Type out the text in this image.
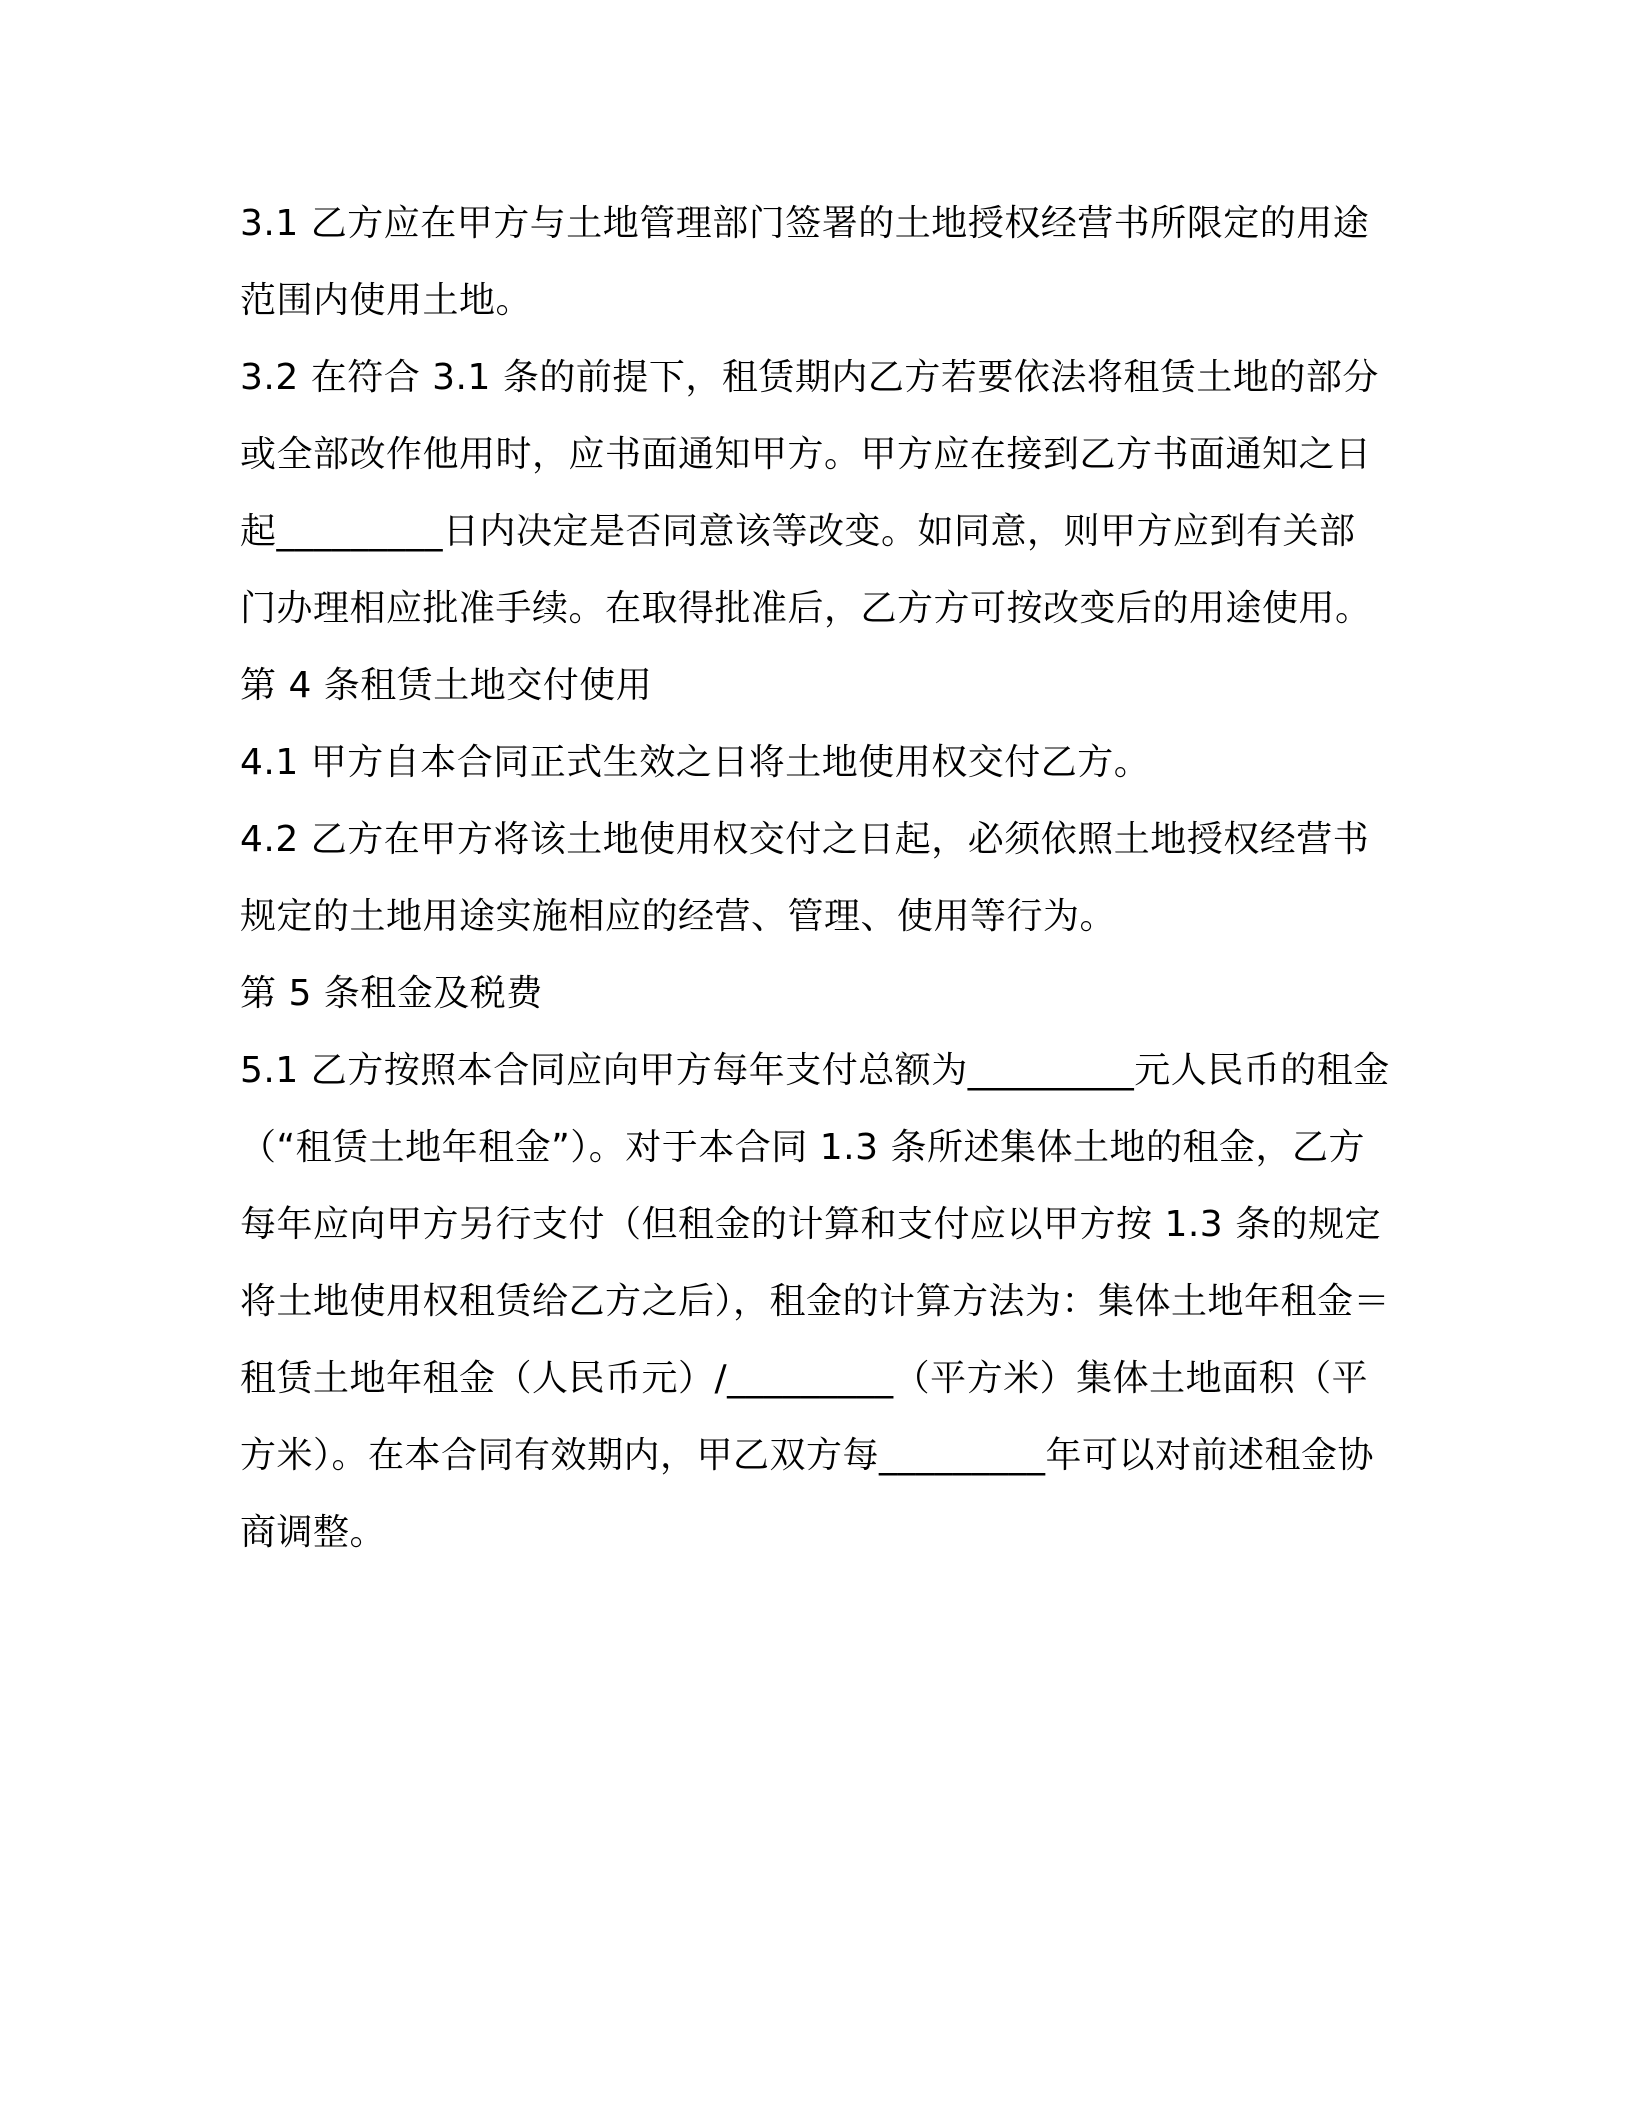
3.1 乙方应在甲方与土地管理部门签署的土地授权经营书所限定的用途范围内使用土地。

3.2 在符合 3.1 条的前提下，租赁期内乙方若要依法将租赁土地的部分或全部改作他用时，应书面通知甲方。甲方应在接到乙方书面通知之日起_________日内决定是否同意该等改变。如同意，则甲方应到有关部门办理相应批准手续。在取得批准后，乙方方可按改变后的用途使用。

第 4 条租赁土地交付使用

4.1 甲方自本合同正式生效之日将土地使用权交付乙方。

4.2 乙方在甲方将该土地使用权交付之日起，必须依照土地授权经营书规定的土地用途实施相应的经营、管理、使用等行为。

第 5 条租金及税费

5.1 乙方按照本合同应向甲方每年支付总额为_________元人民币的租金（“租赁土地年租金”）。对于本合同 1.3 条所述集体土地的租金，乙方每年应向甲方另行支付（但租金的计算和支付应以甲方按 1.3 条的规定将土地使用权租赁给乙方之后），租金的计算方法为：集体土地年租金＝租赁土地年租金（人民币元）/_________（平方米）集体土地面积（平方米）。在本合同有效期内，甲乙双方每_________年可以对前述租金协商调整。
